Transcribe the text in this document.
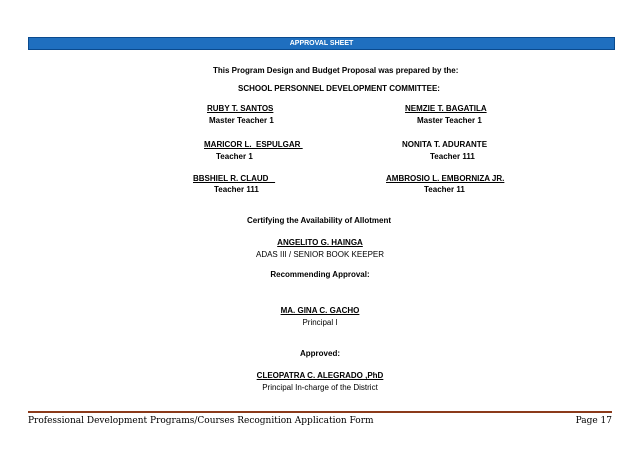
APPROVAL SHEET
This Program Design and Budget Proposal was prepared by the:
SCHOOL PERSONNEL DEVELOPMENT COMMITTEE:
RUBY T. SANTOS
Master Teacher 1
MARICOR L.  ESPULGAR
Teacher 1
BBSHIEL R. CLAUD
Teacher 111
NEMZIE T. BAGATILA
Master Teacher 1
NONITA T. ADURANTE
Teacher 111
AMBROSIO L. EMBORNIZA JR.
Teacher 11
Certifying the Availability of Allotment
ANGELITO G. HAINGA
ADAS III / SENIOR BOOK KEEPER
Recommending Approval:
MA. GINA C. GACHO
Principal I
Approved:
CLEOPATRA C. ALEGRADO ,PhD
Principal In-charge of the District
Professional Development Programs/Courses Recognition Application Form	Page 17
